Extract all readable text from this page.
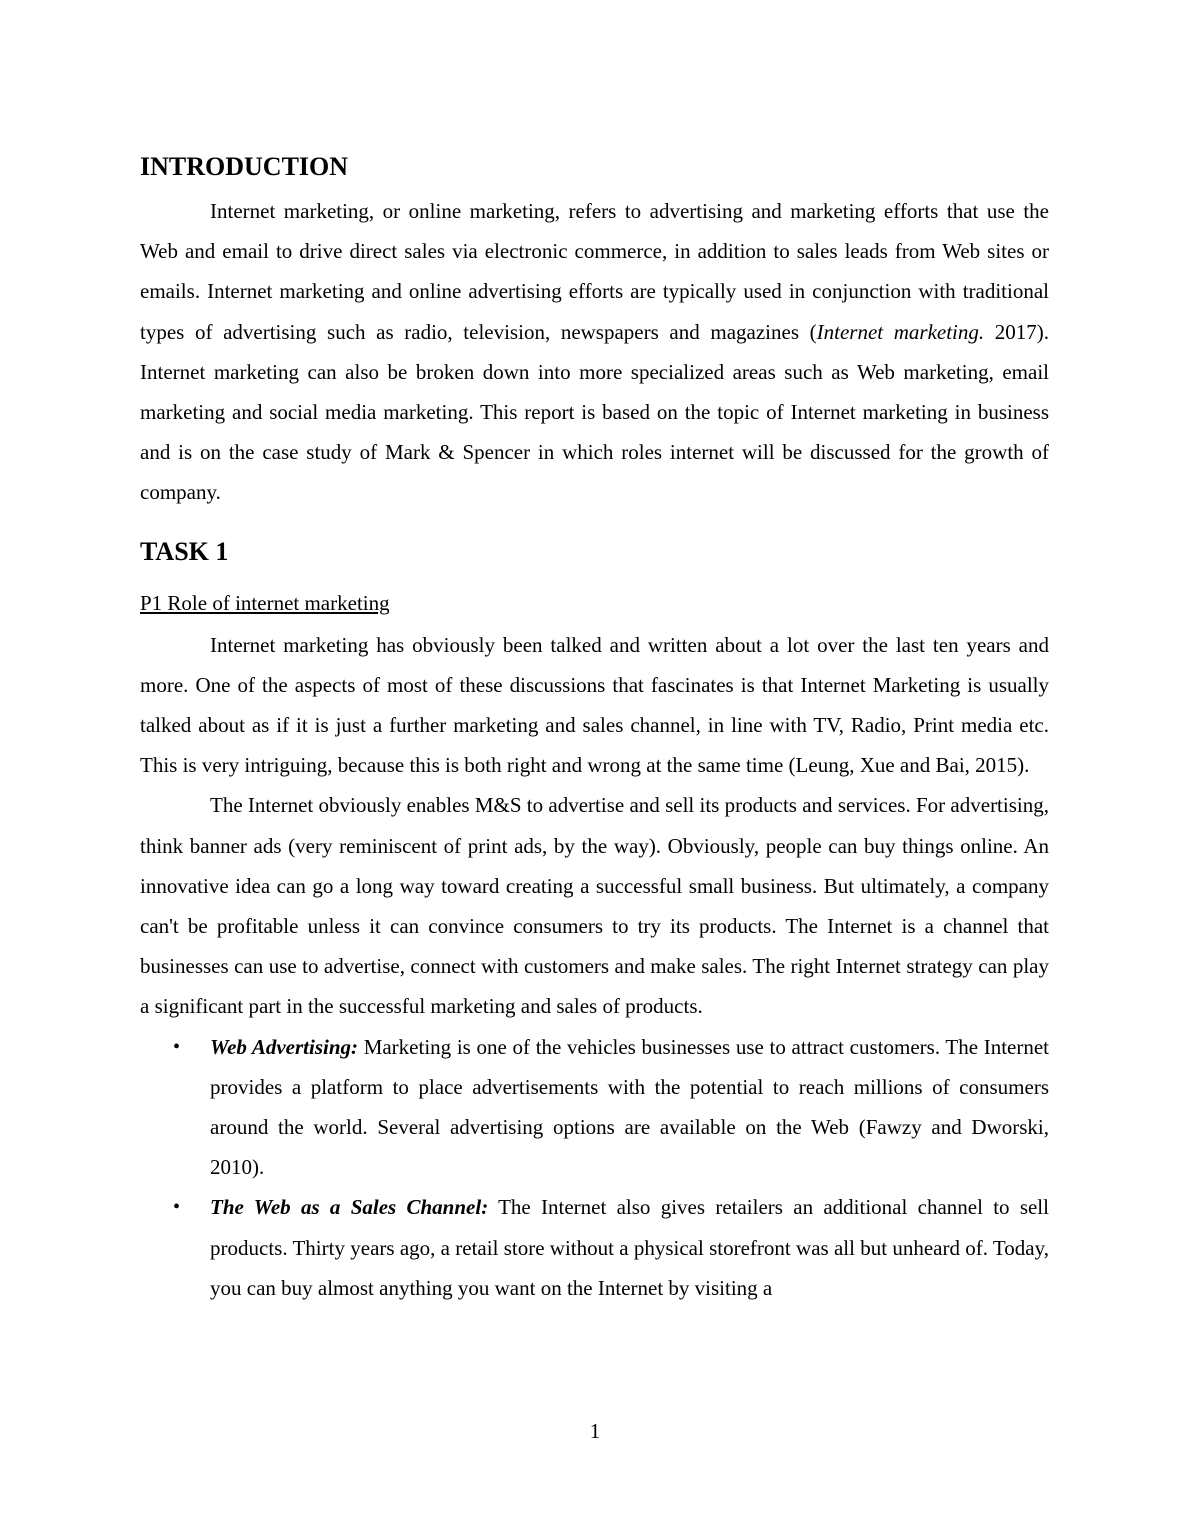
INTRODUCTION

Internet marketing, or online marketing, refers to advertising and marketing efforts that use the Web and email to drive direct sales via electronic commerce, in addition to sales leads from Web sites or emails. Internet marketing and online advertising efforts are typically used in conjunction with traditional types of advertising such as radio, television, newspapers and magazines (Internet marketing. 2017). Internet marketing can also be broken down into more specialized areas such as Web marketing, email marketing and social media marketing. This report is based on the topic of Internet marketing in business and is on the case study of Mark & Spencer in which roles internet will be discussed for the growth of company.

TASK 1

P1 Role of internet marketing

Internet marketing has obviously been talked and written about a lot over the last ten years and more. One of the aspects of most of these discussions that fascinates is that Internet Marketing is usually talked about as if it is just a further marketing and sales channel, in line with TV, Radio, Print media etc. This is very intriguing, because this is both right and wrong at the same time (Leung, Xue and Bai, 2015).

The Internet obviously enables M&S to advertise and sell its products and services. For advertising, think banner ads (very reminiscent of print ads, by the way). Obviously, people can buy things online. An innovative idea can go a long way toward creating a successful small business. But ultimately, a company can't be profitable unless it can convince consumers to try its products. The Internet is a channel that businesses can use to advertise, connect with customers and make sales. The right Internet strategy can play a significant part in the successful marketing and sales of products.

• Web Advertising: Marketing is one of the vehicles businesses use to attract customers. The Internet provides a platform to place advertisements with the potential to reach millions of consumers around the world. Several advertising options are available on the Web (Fawzy and Dworski, 2010).
• The Web as a Sales Channel: The Internet also gives retailers an additional channel to sell products. Thirty years ago, a retail store without a physical storefront was all but unheard of. Today, you can buy almost anything you want on the Internet by visiting a
1
